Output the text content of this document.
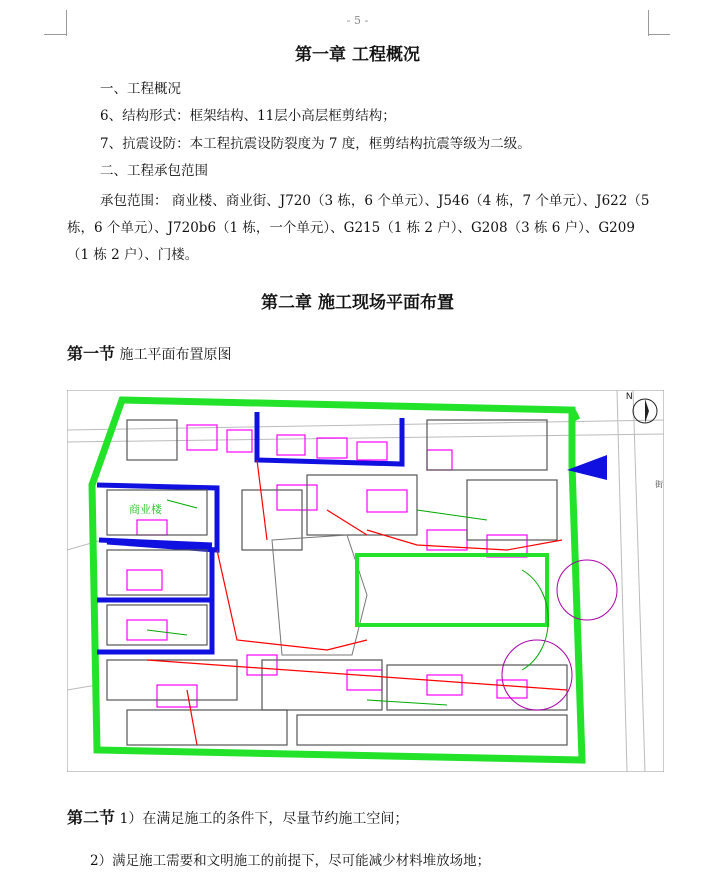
- 5 -
第一章 工程概况
一、工程概况
6、结构形式：框架结构、11层小高层框剪结构；
7、抗震设防：本工程抗震设防裂度为 7 度，框剪结构抗震等级为二级。
二、工程承包范围
承包范围： 商业楼、商业街、J720（3 栋，6 个单元）、J546（4 栋，7 个单元）、J622（5 栋，6 个单元）、J720b6（1 栋，一个单元）、G215（1 栋 2 户）、G208（3 栋 6 户）、G209（1 栋 2 户）、门楼。
第二章 施工现场平面布置
第一节 施工平面布置原图
N
商业楼
街
第二节 1）在满足施工的条件下，尽量节约施工空间；
2）满足施工需要和文明施工的前提下，尽可能减少材料堆放场地；
